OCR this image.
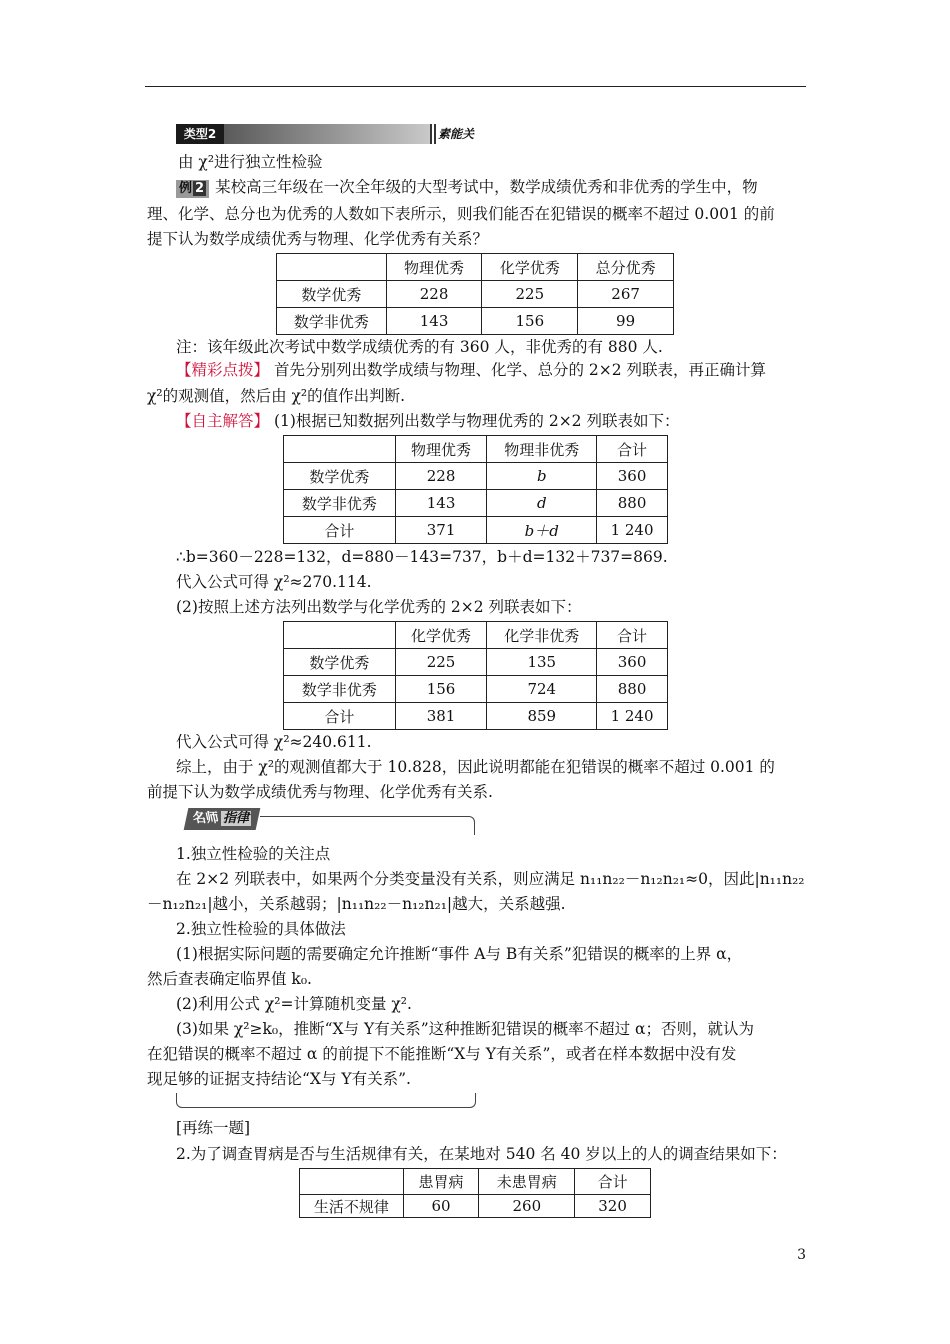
类型2	素能关
由 χ²进行独立性检验
例 2 某校高三年级在一次全年级的大型考试中，数学成绩优秀和非优秀的学生中，物
理、化学、总分也为优秀的人数如下表所示，则我们能否在犯错误的概率不超过 0.001 的前
提下认为数学成绩优秀与物理、化学优秀有关系？
	物理优秀	化学优秀	总分优秀
数学优秀	228	225	267
数学非优秀	143	156	99
注：该年级此次考试中数学成绩优秀的有 360 人，非优秀的有 880 人.
【精彩点拨】 首先分别列出数学成绩与物理、化学、总分的 2×2 列联表，再正确计算
χ²的观测值，然后由 χ²的值作出判断.
【自主解答】 (1)根据已知数据列出数学与物理优秀的 2×2 列联表如下：
	物理优秀	物理非优秀	合计
数学优秀	228	b	360
数学非优秀	143	d	880
合计	371	b＋d	1 240
∴b=360－228=132，d=880－143=737，b＋d=132＋737=869.
代入公式可得 χ²≈270.114.
(2)按照上述方法列出数学与化学优秀的 2×2 列联表如下：
	化学优秀	化学非优秀	合计
数学优秀	225	135	360
数学非优秀	156	724	880
合计	381	859	1 240
代入公式可得 χ²≈240.611.
综上，由于 χ²的观测值都大于 10.828，因此说明都能在犯错误的概率不超过 0.001 的
前提下认为数学成绩优秀与物理、化学优秀有关系.
名师 指律
1.独立性检验的关注点
在 2×2 列联表中，如果两个分类变量没有关系，则应满足 n₁₁n₂₂－n₁₂n₂₁≈0，因此|n₁₁n₂₂
－n₁₂n₂₁|越小，关系越弱；|n₁₁n₂₂－n₁₂n₂₁|越大，关系越强.
2.独立性检验的具体做法
(1)根据实际问题的需要确定允许推断“事件 A与 B有关系”犯错误的概率的上界 α，
然后查表确定临界值 k₀.
(2)利用公式 χ²=计算随机变量 χ².
(3)如果 χ²≥k₀，推断“X与 Y有关系”这种推断犯错误的概率不超过 α；否则，就认为
在犯错误的概率不超过 α 的前提下不能推断“X与 Y有关系”，或者在样本数据中没有发
现足够的证据支持结论“X与 Y有关系”.
[再练一题]
2.为了调查胃病是否与生活规律有关，在某地对 540 名 40 岁以上的人的调查结果如下：
	患胃病	未患胃病	合计
生活不规律	60	260	320
3
